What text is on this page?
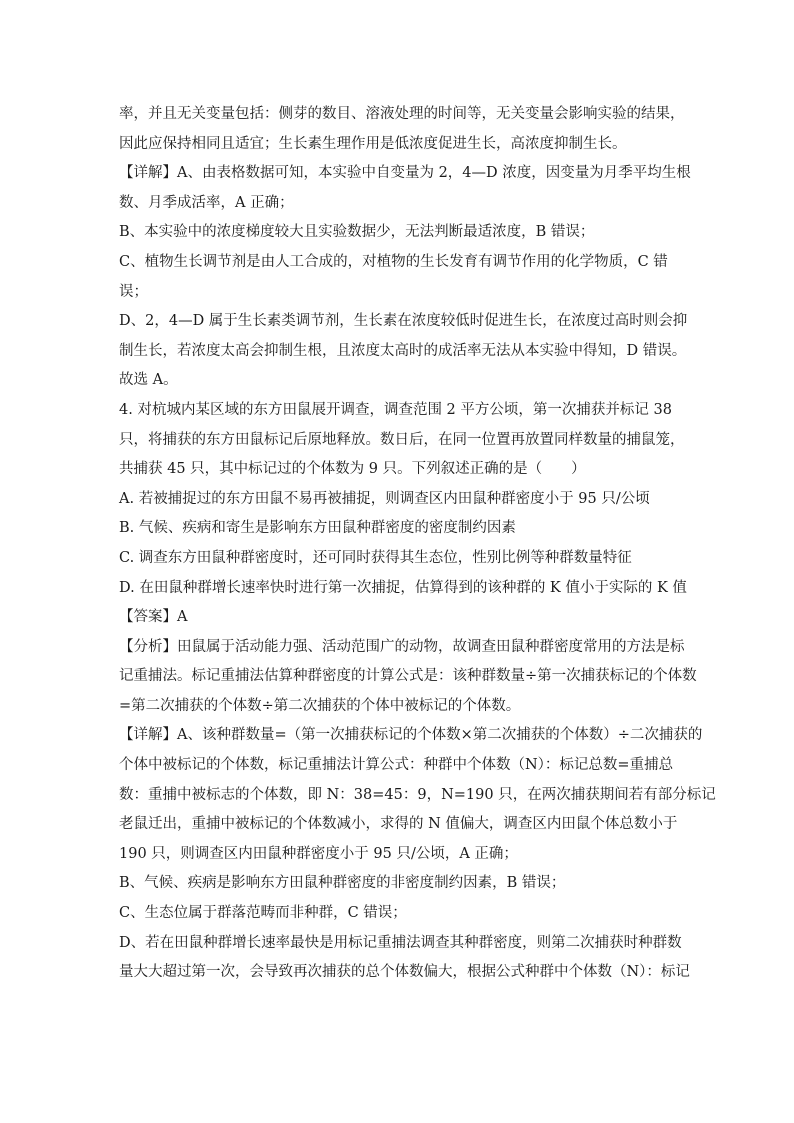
率，并且无关变量包括：侧芽的数目、溶液处理的时间等，无关变量会影响实验的结果，
因此应保持相同且适宜；生长素生理作用是低浓度促进生长，高浓度抑制生长。
【详解】A、由表格数据可知，本实验中自变量为 2，4—D 浓度，因变量为月季平均生根
数、月季成活率，A 正确；
B、本实验中的浓度梯度较大且实验数据少，无法判断最适浓度，B 错误；
C、植物生长调节剂是由人工合成的，对植物的生长发育有调节作用的化学物质，C 错
误；
D、2，4—D 属于生长素类调节剂，生长素在浓度较低时促进生长，在浓度过高时则会抑
制生长，若浓度太高会抑制生根，且浓度太高时的成活率无法从本实验中得知，D 错误。
故选 A。
4. 对杭城内某区域的东方田鼠展开调查，调查范围 2 平方公顷，第一次捕获并标记 38
只，将捕获的东方田鼠标记后原地释放。数日后，在同一位置再放置同样数量的捕鼠笼，
共捕获 45 只，其中标记过的个体数为 9 只。下列叙述正确的是（　　）
A. 若被捕捉过的东方田鼠不易再被捕捉，则调查区内田鼠种群密度小于 95 只/公顷
B. 气候、疾病和寄生是影响东方田鼠种群密度的密度制约因素
C. 调查东方田鼠种群密度时，还可同时获得其生态位，性别比例等种群数量特征
D. 在田鼠种群增长速率快时进行第一次捕捉，估算得到的该种群的 K 值小于实际的 K 值
【答案】A
【分析】田鼠属于活动能力强、活动范围广的动物，故调查田鼠种群密度常用的方法是标
记重捕法。标记重捕法估算种群密度的计算公式是：该种群数量÷第一次捕获标记的个体数
=第二次捕获的个体数÷第二次捕获的个体中被标记的个体数。
【详解】A、该种群数量=（第一次捕获标记的个体数×第二次捕获的个体数）÷二次捕获的
个体中被标记的个体数，标记重捕法计算公式：种群中个体数（N）：标记总数=重捕总
数：重捕中被标志的个体数，即 N：38=45：9，N=190 只，在两次捕获期间若有部分标记
老鼠迁出，重捕中被标记的个体数减小，求得的 N 值偏大，调查区内田鼠个体总数小于
190 只，则调查区内田鼠种群密度小于 95 只/公顷，A 正确；
B、气候、疾病是影响东方田鼠种群密度的非密度制约因素，B 错误；
C、生态位属于群落范畴而非种群，C 错误；
D、若在田鼠种群增长速率最快是用标记重捕法调查其种群密度，则第二次捕获时种群数
量大大超过第一次，会导致再次捕获的总个体数偏大，根据公式种群中个体数（N）：标记
